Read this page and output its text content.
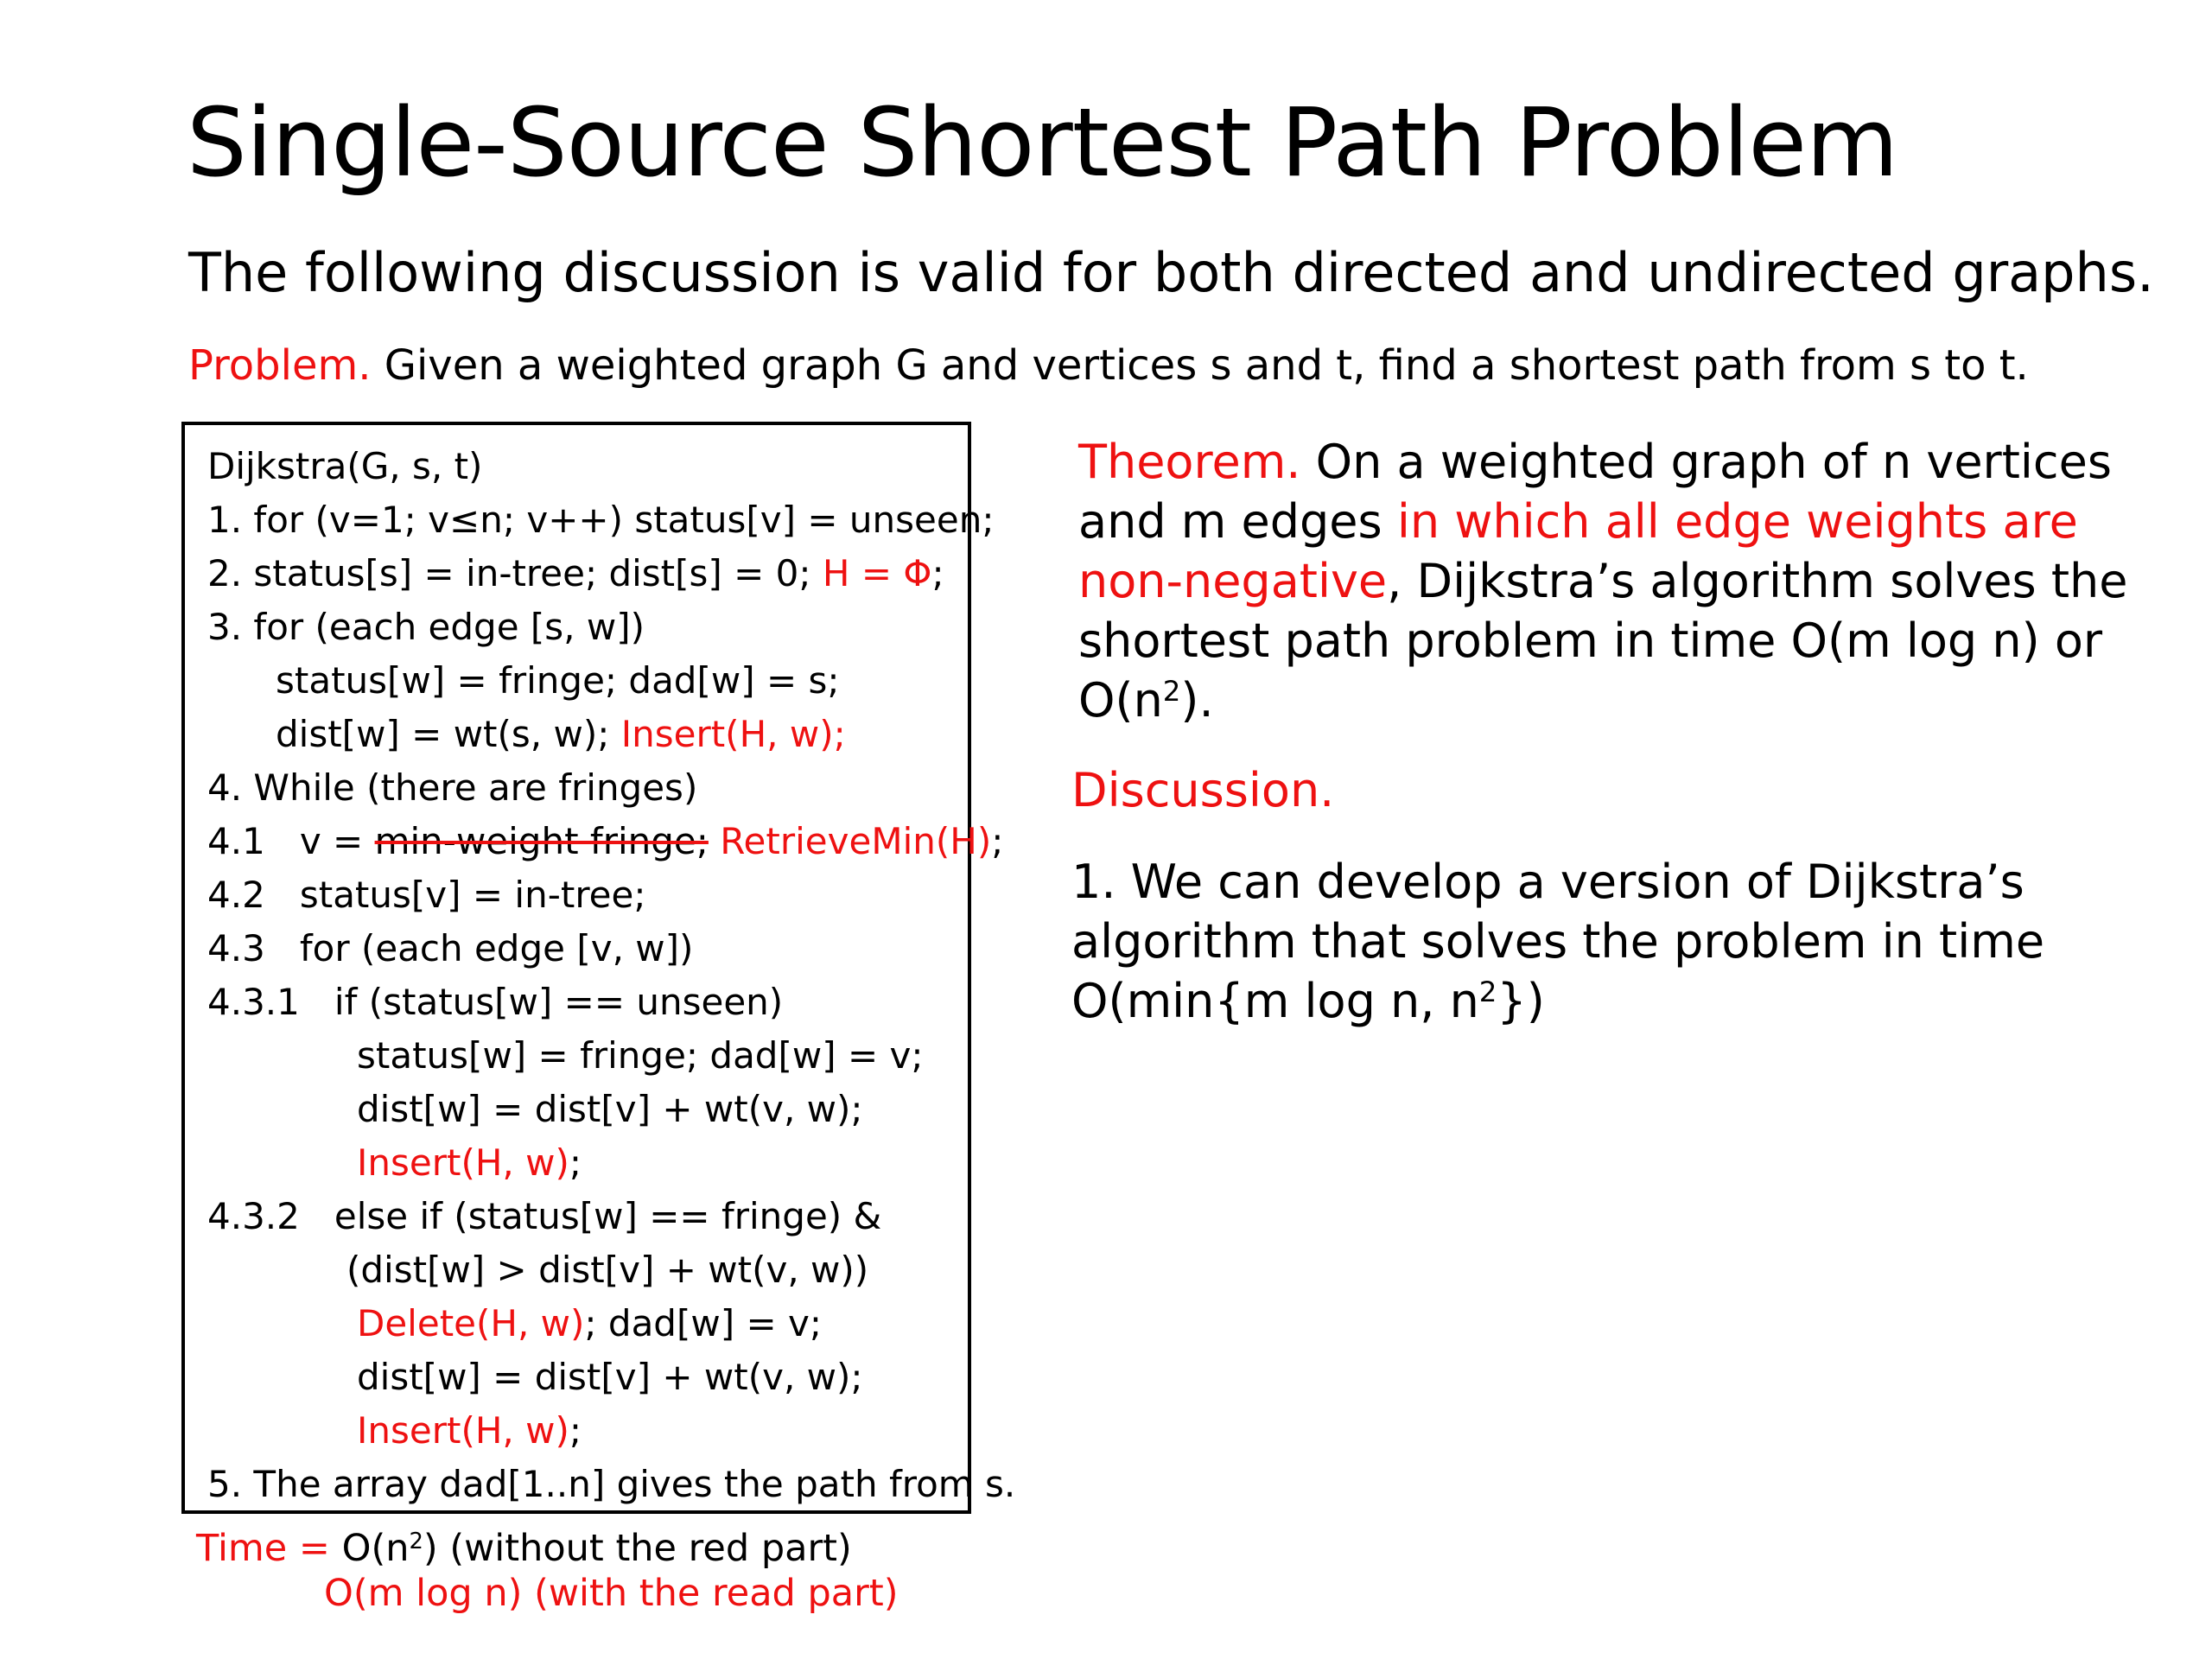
Single-Source Shortest Path Problem
The following discussion is valid for both directed and undirected graphs.
Problem. Given a weighted graph G and vertices s and t, find a shortest path from s to t.
Dijkstra(G, s, t)
1. for (v=1; v≤n; v++) status[v] = unseen;
2. status[s] = in-tree; dist[s] = 0; H = Φ;
3. for (each edge [s, w])
status[w] = fringe; dad[w] = s;
dist[w] = wt(s, w); Insert(H, w);
4. While (there are fringes)
4.1   v = min-weight fringe; RetrieveMin(H);
4.2   status[v] = in-tree;
4.3   for (each edge [v, w])
4.3.1   if (status[w] == unseen)
status[w] = fringe; dad[w] = v;
dist[w] = dist[v] + wt(v, w);
Insert(H, w);
4.3.2   else if (status[w] == fringe) &
(dist[w] > dist[v] + wt(v, w))
Delete(H, w); dad[w] = v;
dist[w] = dist[v] + wt(v, w);
Insert(H, w);
5. The array dad[1..n] gives the path from s.
Time = $O(n^2)$ (without the red part)
O(m log n) (with the read part)
Theorem. On a weighted graph of n vertices and m edges in which all edge weights are non-negative, Dijkstra’s algorithm solves the shortest path problem in time O(m log n) or $O(n^2)$.
Discussion.
1. We can develop a version of Dijkstra’s algorithm that solves the problem in time O(min{m log n, $n^2$})
